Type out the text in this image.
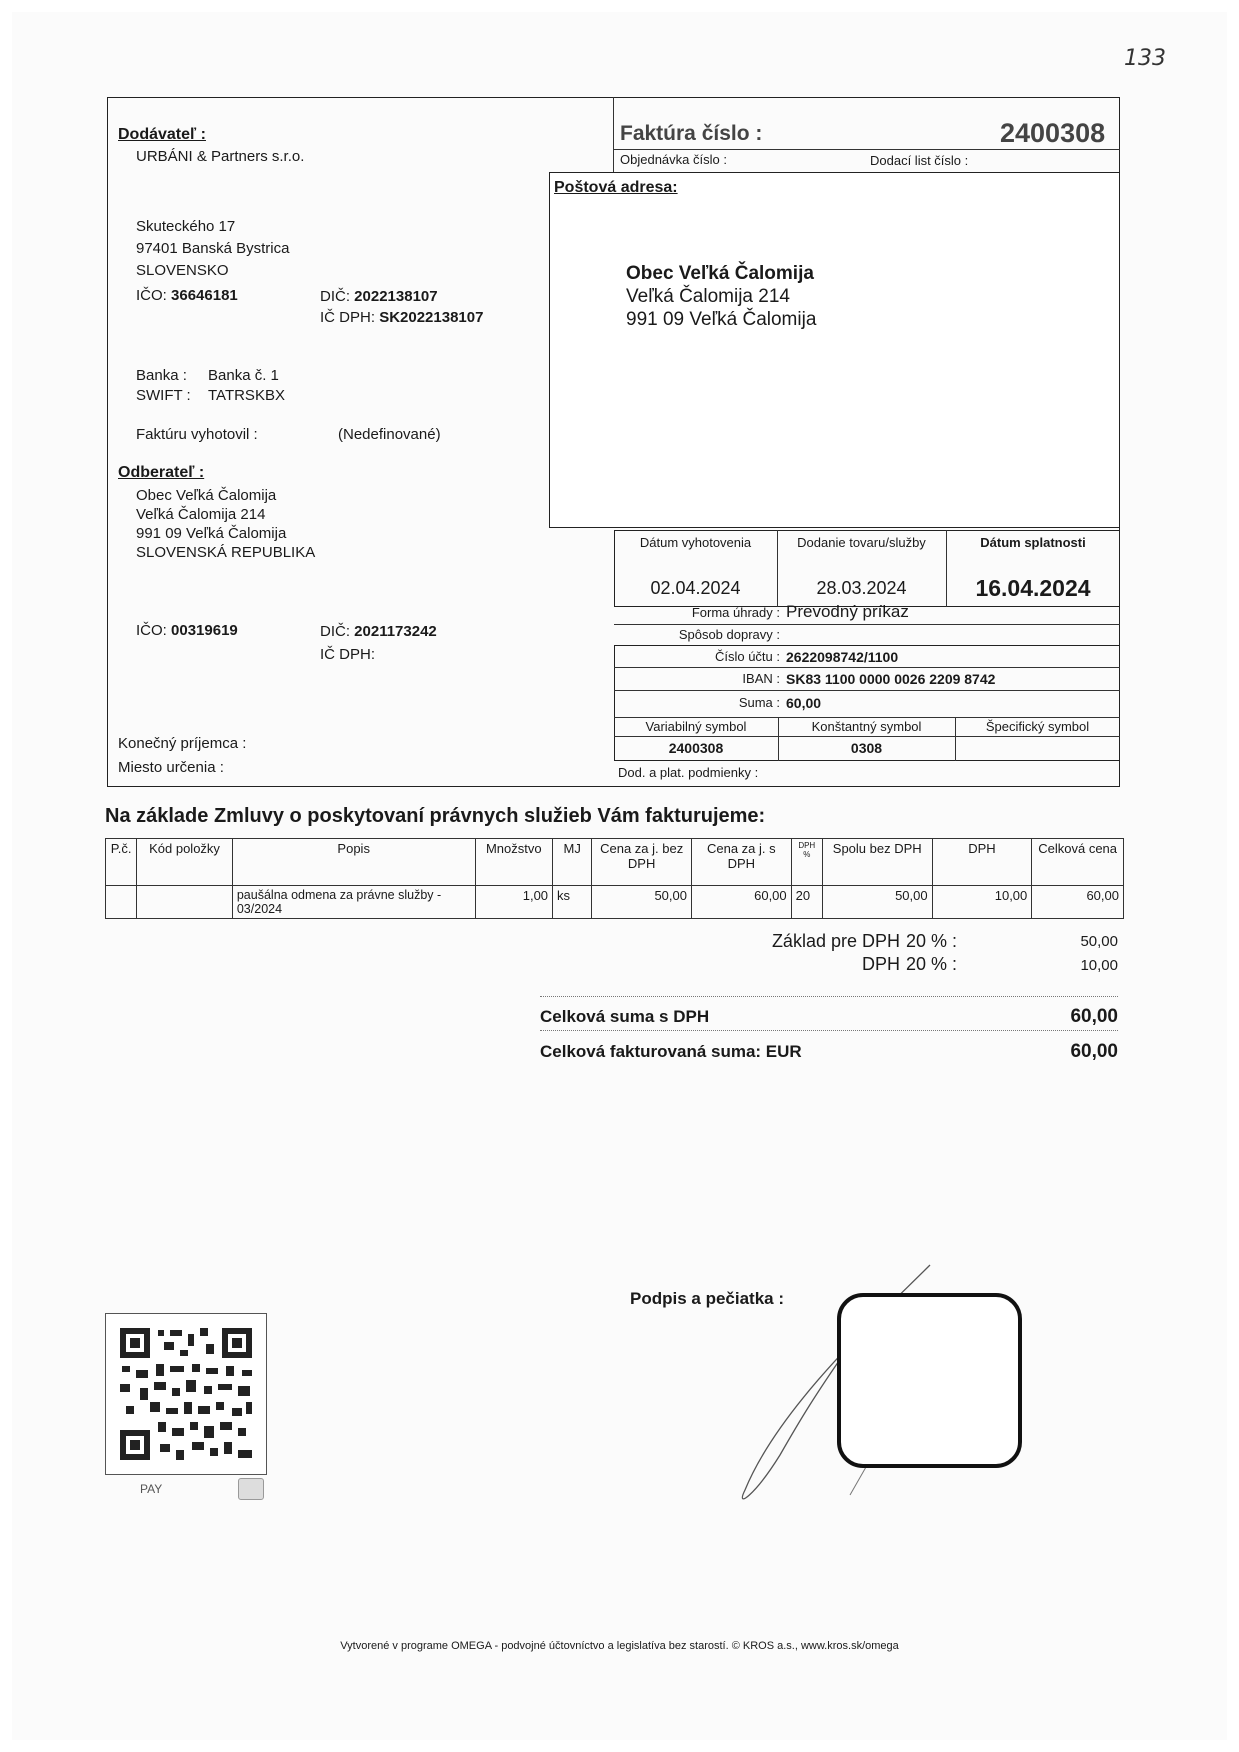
133
Dodávateľ :
URBÁNI & Partners s.r.o.
Skuteckého 17
97401 Banská Bystrica
SLOVENSKO
IČO: 36646181	DIČ: 2022138107
IČ DPH: SK2022138107
Banka : Banka č. 1
SWIFT : TATRSKBX
Faktúru vyhotovil :	(Nedefinované)
Faktúra číslo :	2400308
Objednávka číslo :	Dodací list číslo :
Poštová adresa:
Obec Veľká Čalomija
Veľká Čalomija 214
991 09 Veľká Čalomija
Odberateľ :
Obec Veľká Čalomija
Veľká Čalomija 214
991 09 Veľká Čalomija
SLOVENSKÁ REPUBLIKA
IČO: 00319619	DIČ: 2021173242
IČ DPH:
Konečný príjemca :
Miesto určenia :
Dátum vyhotovenia	Dodanie tovaru/služby	Dátum splatnosti
02.04.2024	28.03.2024	16.04.2024
Forma úhrady : Prevodný príkaz
Spôsob dopravy :
Číslo účtu : 2622098742/1100
IBAN : SK83 1100 0000 0026 2209 8742
Suma : 60,00
Variabilný symbol	Konštantný symbol	Špecifický symbol
2400308	0308
Dod. a plat. podmienky :
Na základe Zmluvy o poskytovaní právnych služieb Vám fakturujeme:
P.č.	Kód položky	Popis	Množstvo	MJ	Cena za j. bez DPH	Cena za j. s DPH	DPH %	Spolu bez DPH	DPH	Celková cena
		paušálna odmena za právne služby - 03/2024	1,00	ks	50,00	60,00	20	50,00	10,00	60,00
Základ pre DPH 20 % :	50,00
DPH 20 % :	10,00
Celková suma s DPH	60,00
Celková fakturovaná suma: EUR	60,00
Podpis a pečiatka :
PAY
Vytvorené v programe OMEGA - podvojné účtovníctvo a legislatíva bez starostí. © KROS a.s., www.kros.sk/omega
